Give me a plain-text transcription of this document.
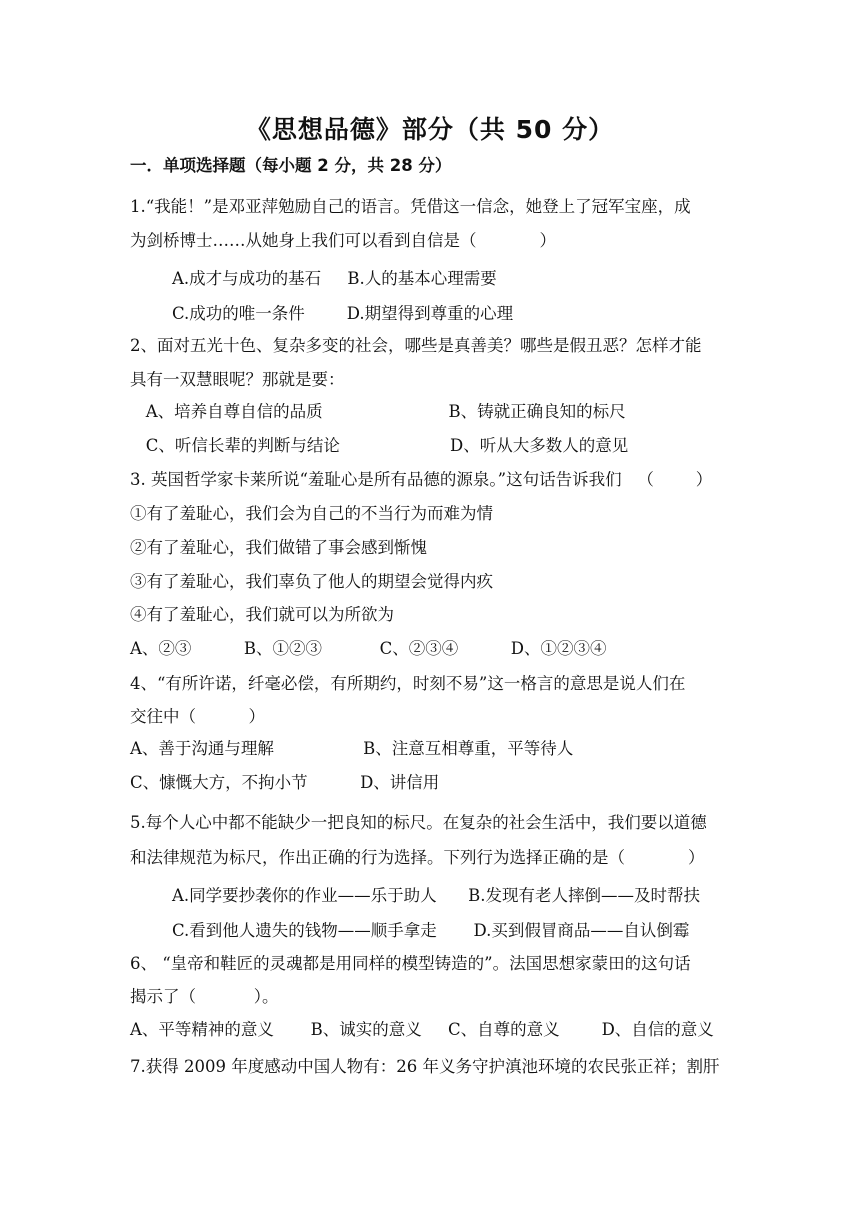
《思想品德》部分（共 50 分）
一．单项选择题（每小题 2 分，共 28 分）
1.“我能！”是邓亚萍勉励自己的语言。凭借这一信念，她登上了冠军宝座，成
为剑桥博士……从她身上我们可以看到自信是（            ）
A.成才与成功的基石     B.人的基本心理需要
C.成功的唯一条件        D.期望得到尊重的心理
2、面对五光十色、复杂多变的社会，哪些是真善美？哪些是假丑恶？怎样才能
具有一双慧眼呢？那就是要：
A、培养自尊自信的品质                        B、铸就正确良知的标尺
C、听信长辈的判断与结论                     D、听从大多数人的意见
3. 英国哲学家卡莱所说“羞耻心是所有品德的源泉。”这句话告诉我们   （        ）
①有了羞耻心，我们会为自己的不当行为而难为情
②有了羞耻心，我们做错了事会感到惭愧
③有了羞耻心，我们辜负了他人的期望会觉得内疚
④有了羞耻心，我们就可以为所欲为
A、②③          B、①②③           C、②③④          D、①②③④
4、“有所许诺，纤毫必偿，有所期约，时刻不易”这一格言的意思是说人们在
交往中（          ）
A、善于沟通与理解                 B、注意互相尊重，平等待人
C、慷慨大方，不拘小节          D、讲信用
5.每个人心中都不能缺少一把良知的标尺。在复杂的社会生活中，我们要以道德
和法律规范为标尺，作出正确的行为选择。下列行为选择正确的是（            ）
A.同学要抄袭你的作业——乐于助人      B.发现有老人摔倒——及时帮扶
C.看到他人遗失的钱物——顺手拿走       D.买到假冒商品——自认倒霉
6、 “皇帝和鞋匠的灵魂都是用同样的模型铸造的”。法国思想家蒙田的这句话
揭示了（           ）。
A、平等精神的意义       B、诚实的意义     C、自尊的意义        D、自信的意义
7.获得 2009 年度感动中国人物有：26 年义务守护滇池环境的农民张正祥；割肝
